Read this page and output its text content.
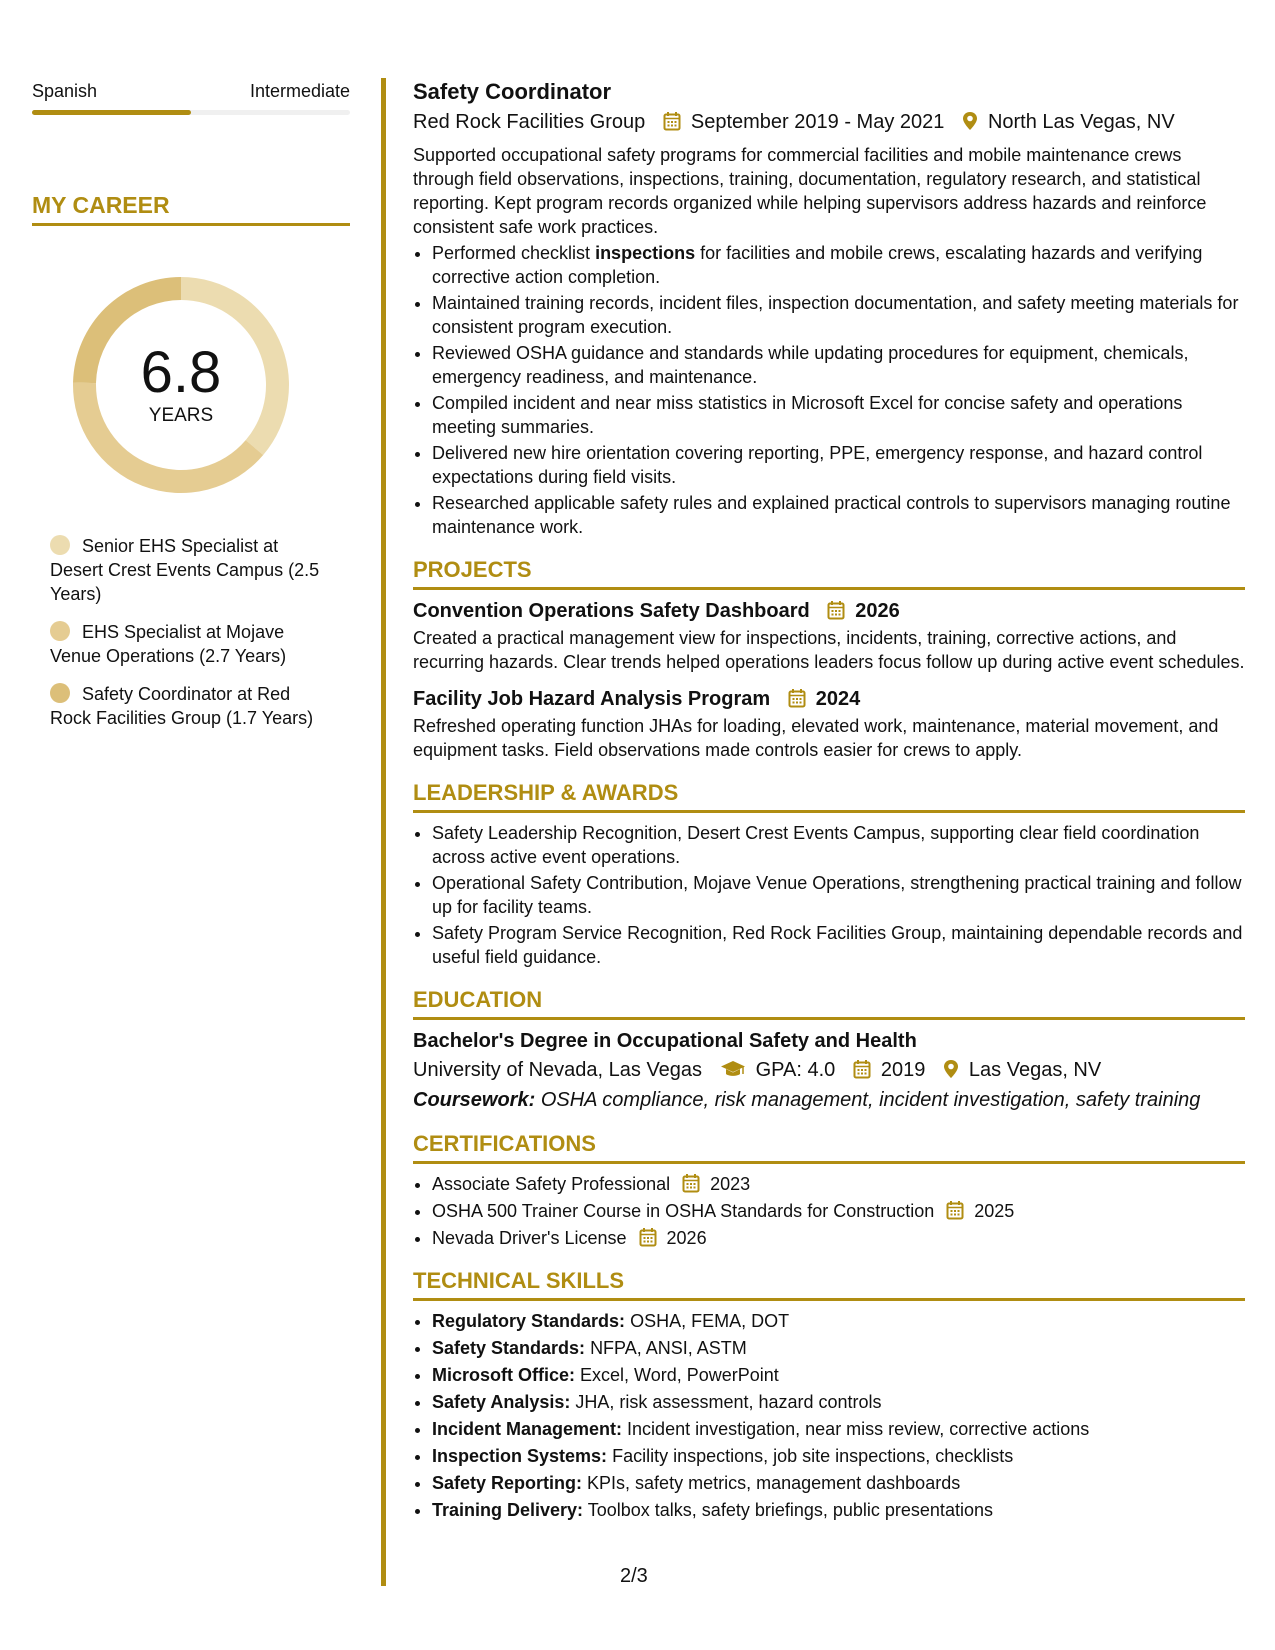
Spanish	Intermediate
MY CAREER
6.8
YEARS
Senior EHS Specialist at Desert Crest Events Campus (2.5 Years)
EHS Specialist at Mojave Venue Operations (2.7 Years)
Safety Coordinator at Red Rock Facilities Group (1.7 Years)
Safety Coordinator
Red Rock Facilities Group September 2019 - May 2021 North Las Vegas, NV

Supported occupational safety programs for commercial facilities and mobile maintenance crews through field observations, inspections, training, documentation, regulatory research, and statistical reporting. Kept program records organized while helping supervisors address hazards and reinforce consistent safe work practices.

• Performed checklist inspections for facilities and mobile crews, escalating hazards and verifying corrective action completion.
• Maintained training records, incident files, inspection documentation, and safety meeting materials for consistent program execution.
• Reviewed OSHA guidance and standards while updating procedures for equipment, chemicals, emergency readiness, and maintenance.
• Compiled incident and near miss statistics in Microsoft Excel for concise safety and operations meeting summaries.
• Delivered new hire orientation covering reporting, PPE, emergency response, and hazard control expectations during field visits.
• Researched applicable safety rules and explained practical controls to supervisors managing routine maintenance work.
PROJECTS
Convention Operations Safety Dashboard 2026

Created a practical management view for inspections, incidents, training, corrective actions, and recurring hazards. Clear trends helped operations leaders focus follow up during active event schedules.

Facility Job Hazard Analysis Program 2024

Refreshed operating function JHAs for loading, elevated work, maintenance, material movement, and equipment tasks. Field observations made controls easier for crews to apply.

LEADERSHIP & AWARDS
• Safety Leadership Recognition, Desert Crest Events Campus, supporting clear field coordination across active event operations.
• Operational Safety Contribution, Mojave Venue Operations, strengthening practical training and follow up for facility teams.
• Safety Program Service Recognition, Red Rock Facilities Group, maintaining dependable records and useful field guidance.
EDUCATION
Bachelor's Degree in Occupational Safety and Health
University of Nevada, Las Vegas	GPA: 4.0 2019 Las Vegas, NV
Coursework: OSHA compliance, risk management, incident investigation, safety training
CERTIFICATIONS
• Associate Safety Professional 2023
• OSHA 500 Trainer Course in OSHA Standards for Construction 2025
• Nevada Driver's License 2026
TECHNICAL SKILLS
• Regulatory Standards: OSHA, FEMA, DOT
• Safety Standards: NFPA, ANSI, ASTM
• Microsoft Office: Excel, Word, PowerPoint
• Safety Analysis: JHA, risk assessment, hazard controls
• Incident Management: Incident investigation, near miss review, corrective actions
• Inspection Systems: Facility inspections, job site inspections, checklists
• Safety Reporting: KPIs, safety metrics, management dashboards
• Training Delivery: Toolbox talks, safety briefings, public presentations
2/3
